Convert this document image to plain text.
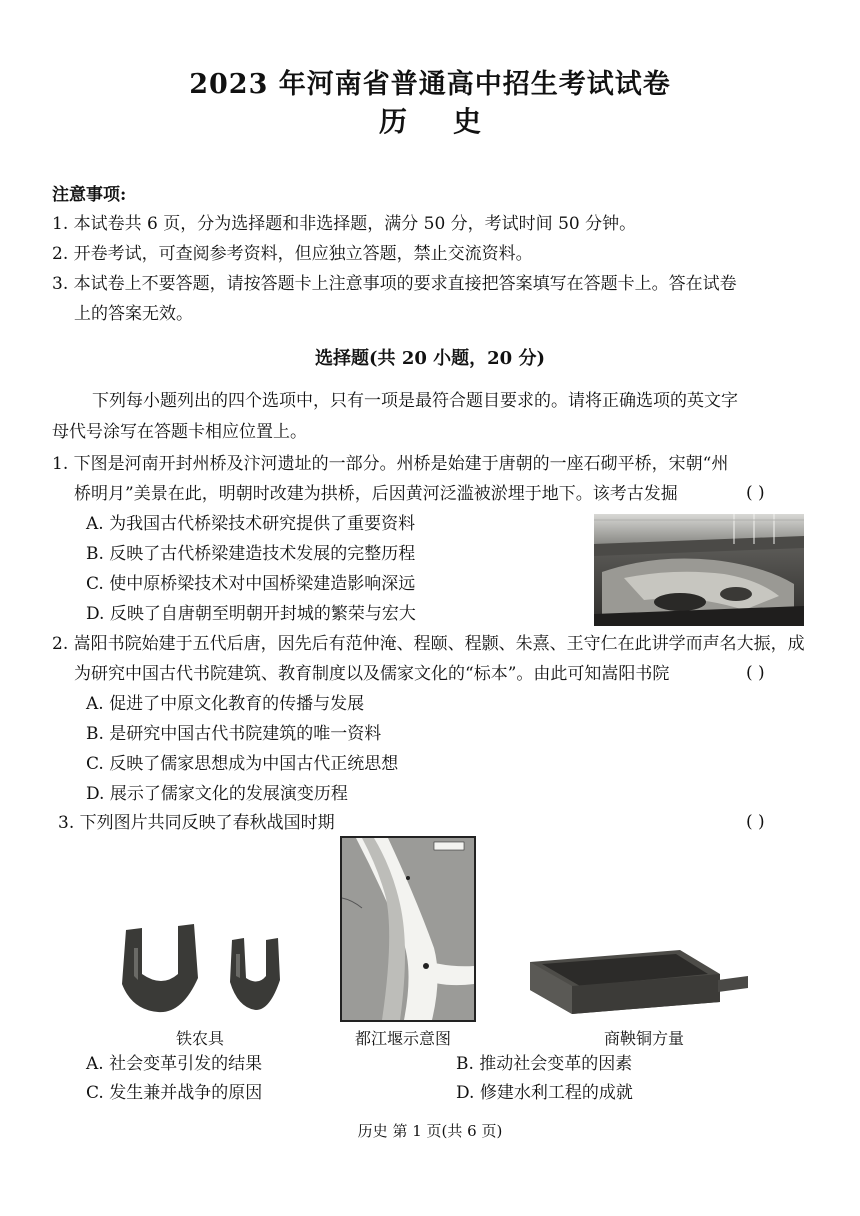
2023 年河南省普通高中招生考试试卷
历 史
注意事项:
1. 本试卷共 6 页，分为选择题和非选择题，满分 50 分，考试时间 50 分钟。
2. 开卷考试，可查阅参考资料，但应独立答题，禁止交流资料。
3. 本试卷上不要答题，请按答题卡上注意事项的要求直接把答案填写在答题卡上。答在试卷
上的答案无效。
选择题(共 20 小题，20 分)
下列每小题列出的四个选项中，只有一项是最符合题目要求的。请将正确选项的英文字
母代号涂写在答题卡相应位置上。
1. 下图是河南开封州桥及汴河遗址的一部分。州桥是始建于唐朝的一座石砌平桥，宋朝“州
桥明月”美景在此，明朝时改建为拱桥，后因黄河泛滥被淤埋于地下。该考古发掘	( )
A. 为我国古代桥梁技术研究提供了重要资料
B. 反映了古代桥梁建造技术发展的完整历程
C. 使中原桥梁技术对中国桥梁建造影响深远
D. 反映了自唐朝至明朝开封城的繁荣与宏大
2. 嵩阳书院始建于五代后唐，因先后有范仲淹、程颐、程颢、朱熹、王守仁在此讲学而声名大振，成
为研究中国古代书院建筑、教育制度以及儒家文化的“标本”。由此可知嵩阳书院	( )
A. 促进了中原文化教育的传播与发展
B. 是研究中国古代书院建筑的唯一资料
C. 反映了儒家思想成为中国古代正统思想
D. 展示了儒家文化的发展演变历程
3. 下列图片共同反映了春秋战国时期	( )
铁农具	都江堰示意图	商鞅铜方量
A. 社会变革引发的结果	B. 推动社会变革的因素
C. 发生兼并战争的原因	D. 修建水利工程的成就
历史 第 1 页(共 6 页)
